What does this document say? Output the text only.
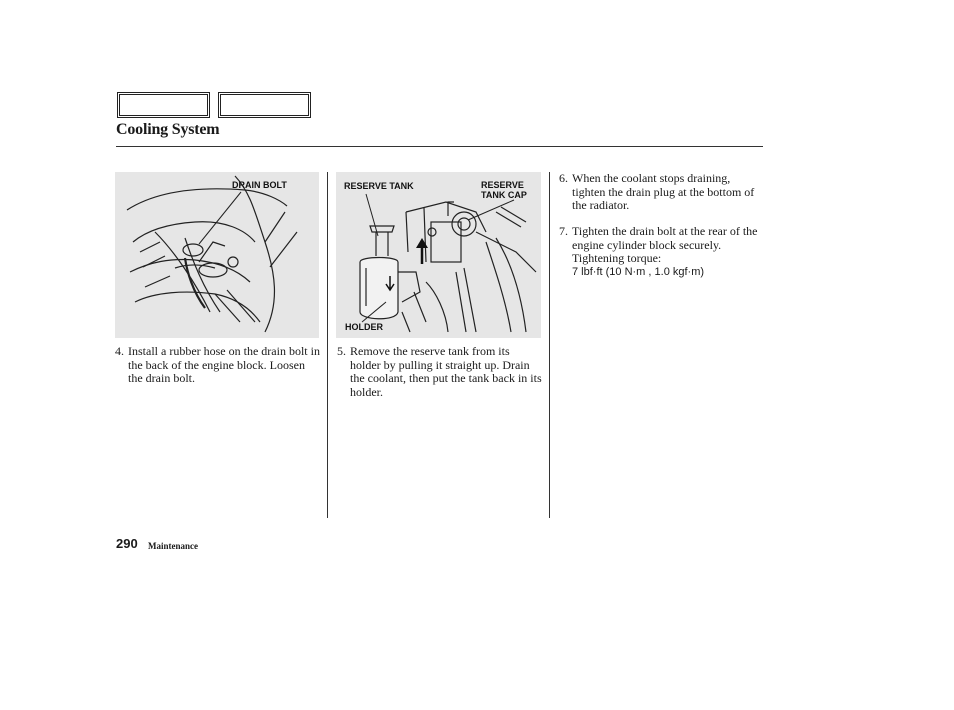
Cooling System
DRAIN BOLT	RESERVE TANK	RESERVE
TANK CAP
HOLDER
4. Install a rubber hose on the drain bolt in the back of the engine block. Loosen the drain bolt.
5. Remove the reserve tank from its holder by pulling it straight up. Drain the coolant, then put the tank back in its holder.
6. When the coolant stops draining, tighten the drain plug at the bottom of the radiator.
7. Tighten the drain bolt at the rear of the engine cylinder block securely.
Tightening torque:
7 lbf·ft (10 N·m , 1.0 kgf·m)
290 Maintenance
